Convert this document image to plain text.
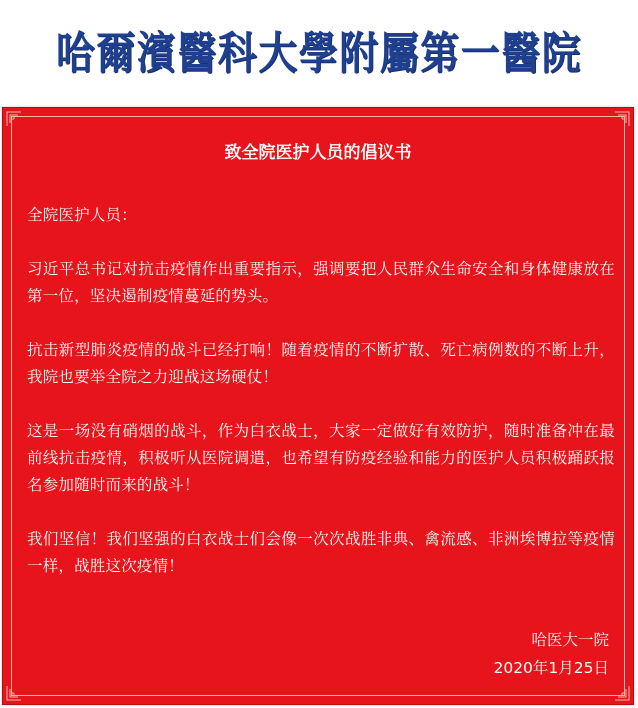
哈爾濱醫科大學附屬第一醫院
致全院医护人员的倡议书

全院医护人员：

习近平总书记对抗击疫情作出重要指示，强调要把人民群众生命安全和身体健康放在第一位，坚决遏制疫情蔓延的势头。

抗击新型肺炎疫情的战斗已经打响！随着疫情的不断扩散、死亡病例数的不断上升，我院也要举全院之力迎战这场硬仗！

这是一场没有硝烟的战斗，作为白衣战士，大家一定做好有效防护，随时准备冲在最前线抗击疫情，积极听从医院调遣，也希望有防疫经验和能力的医护人员积极踊跃报名参加随时而来的战斗！

我们坚信！我们坚强的白衣战士们会像一次次战胜非典、禽流感、非洲埃博拉等疫情一样，战胜这次疫情！

哈医大一院
2020年1月25日
